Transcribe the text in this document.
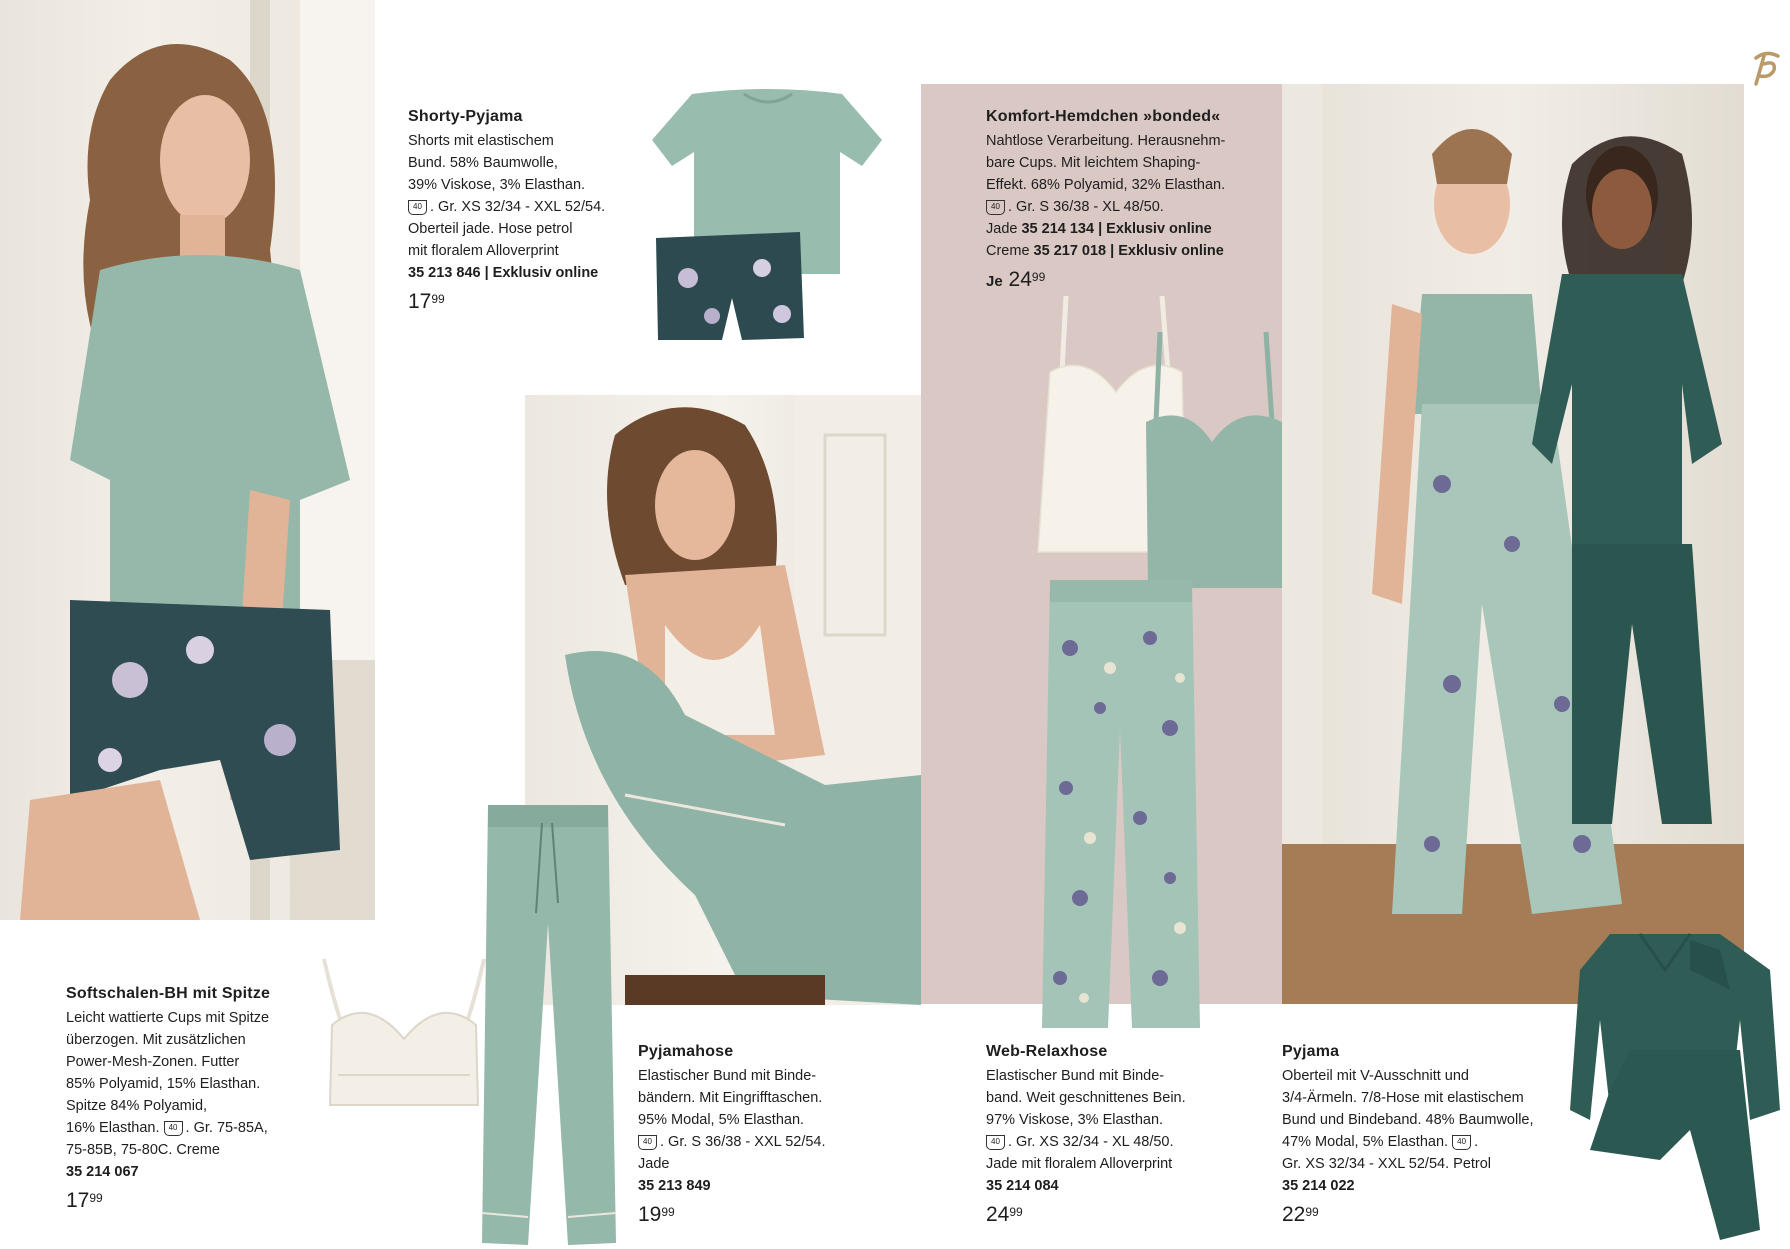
Shorty-Pyjama

Shorts mit elastischem

Bund. 58% Baumwolle,

39% Viskose, 3% Elasthan.

40 . Gr. XS 32/34 - XXL 52/54.

Oberteil jade. Hose petrol

mit floralem Alloverprint

35 213 846 | Exklusiv online

$17^{99}$

Softschalen-BH mit Spitze

Leicht wattierte Cups mit Spitze

überzogen. Mit zusätzlichen

Power-Mesh-Zonen. Futter

85% Polyamid, 15% Elasthan.

Spitze 84% Polyamid,

16% Elasthan. 40 . Gr. 75-85A,

75-85B, 75-80C. Creme

35 214 067

$17^{99}$

Pyjamahose

Elastischer Bund mit Binde-

bändern. Mit Eingrifftaschen.

95% Modal, 5% Elasthan.

40 . Gr. S 36/38 - XXL 52/54.

Jade

35 213 849

$19^{99}$

Komfort-Hemdchen »bonded«

Nahtlose Verarbeitung. Herausnehm-

bare Cups. Mit leichtem Shaping-

Effekt. 68% Polyamid, 32% Elasthan.

40 . Gr. S 36/38 - XL 48/50.

Jade 35 214 134 | Exklusiv online

Creme 35 217 018 | Exklusiv online

Je $24^{99}$

Web-Relaxhose

Elastischer Bund mit Binde-

band. Weit geschnittenes Bein.

97% Viskose, 3% Elasthan.

40 . Gr. XS 32/34 - XL 48/50.

Jade mit floralem Alloverprint

35 214 084

$24^{99}$

Pyjama

Oberteil mit V-Ausschnitt und

3/4-Ärmeln. 7/8-Hose mit elastischem

Bund und Bindeband. 48% Baumwolle,

47% Modal, 5% Elasthan. 40 .

Gr. XS 32/34 - XXL 52/54. Petrol

35 214 022

$22^{99}$
